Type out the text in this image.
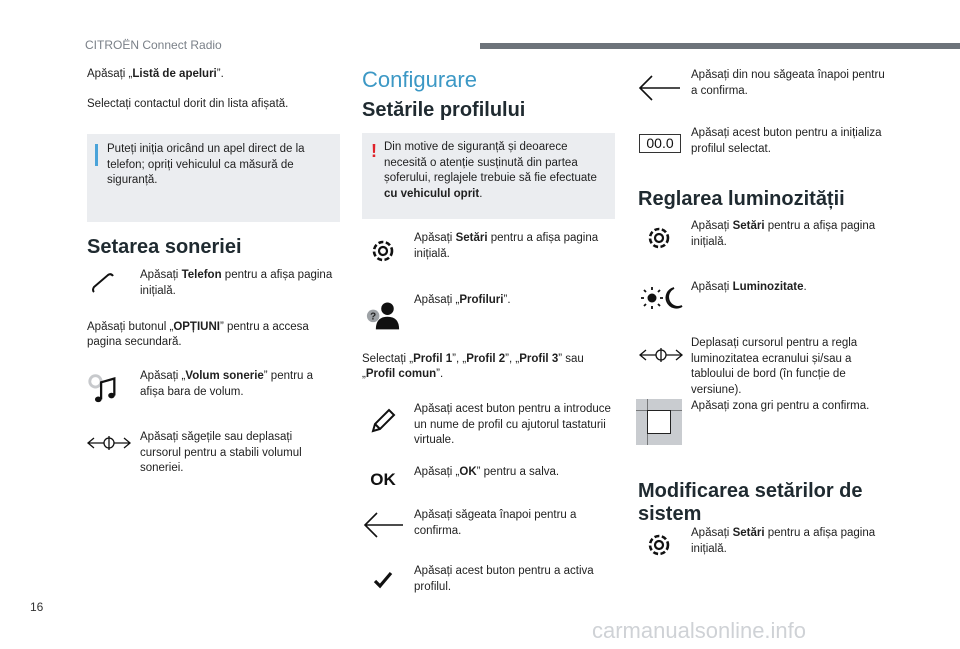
CITROËN Connect Radio

Apăsați „Listă de apeluri”.

Selectați contactul dorit din lista afișată.

Puteți iniția oricând un apel direct de la telefon; opriți vehiculul ca măsură de siguranță.
Setarea soneriei
Apăsați Telefon pentru a afișa pagina inițială.

Apăsați butonul „OPȚIUNI” pentru a accesa pagina secundară.

Apăsați „Volum sonerie” pentru a afișa bara de volum.
Apăsați săgețile sau deplasați cursorul pentru a stabili volumul soneriei.
Configurare
Setările profilului
! Din motive de siguranță și deoarece necesită o atenție susținută din partea șoferului, reglajele trebuie să fie efectuate cu vehiculul oprit.
Apăsați Setări pentru a afișa pagina inițială.
?
Apăsați „Profiluri”.

Selectați „Profil 1”, „Profil 2”, „Profil 3” sau „Profil comun”.

Apăsați acest buton pentru a introduce un nume de profil cu ajutorul tastaturii virtuale.
OK	Apăsați „OK” pentru a salva.
Apăsați săgeata înapoi pentru a confirma.
Apăsați acest buton pentru a activa profilul.
Apăsați din nou săgeata înapoi pentru a confirma.
00.0
Apăsați acest buton pentru a inițializa profilul selectat.
Reglarea luminozității
Apăsați Setări pentru a afișa pagina inițială.
Apăsați Luminozitate.
Deplasați cursorul pentru a regla luminozitatea ecranului și/sau a tabloului de bord (în funcție de versiune).
Apăsați zona gri pentru a confirma.
Modificarea setărilor de sistem
Apăsați Setări pentru a afișa pagina inițială.
16
carmanualsonline.info
